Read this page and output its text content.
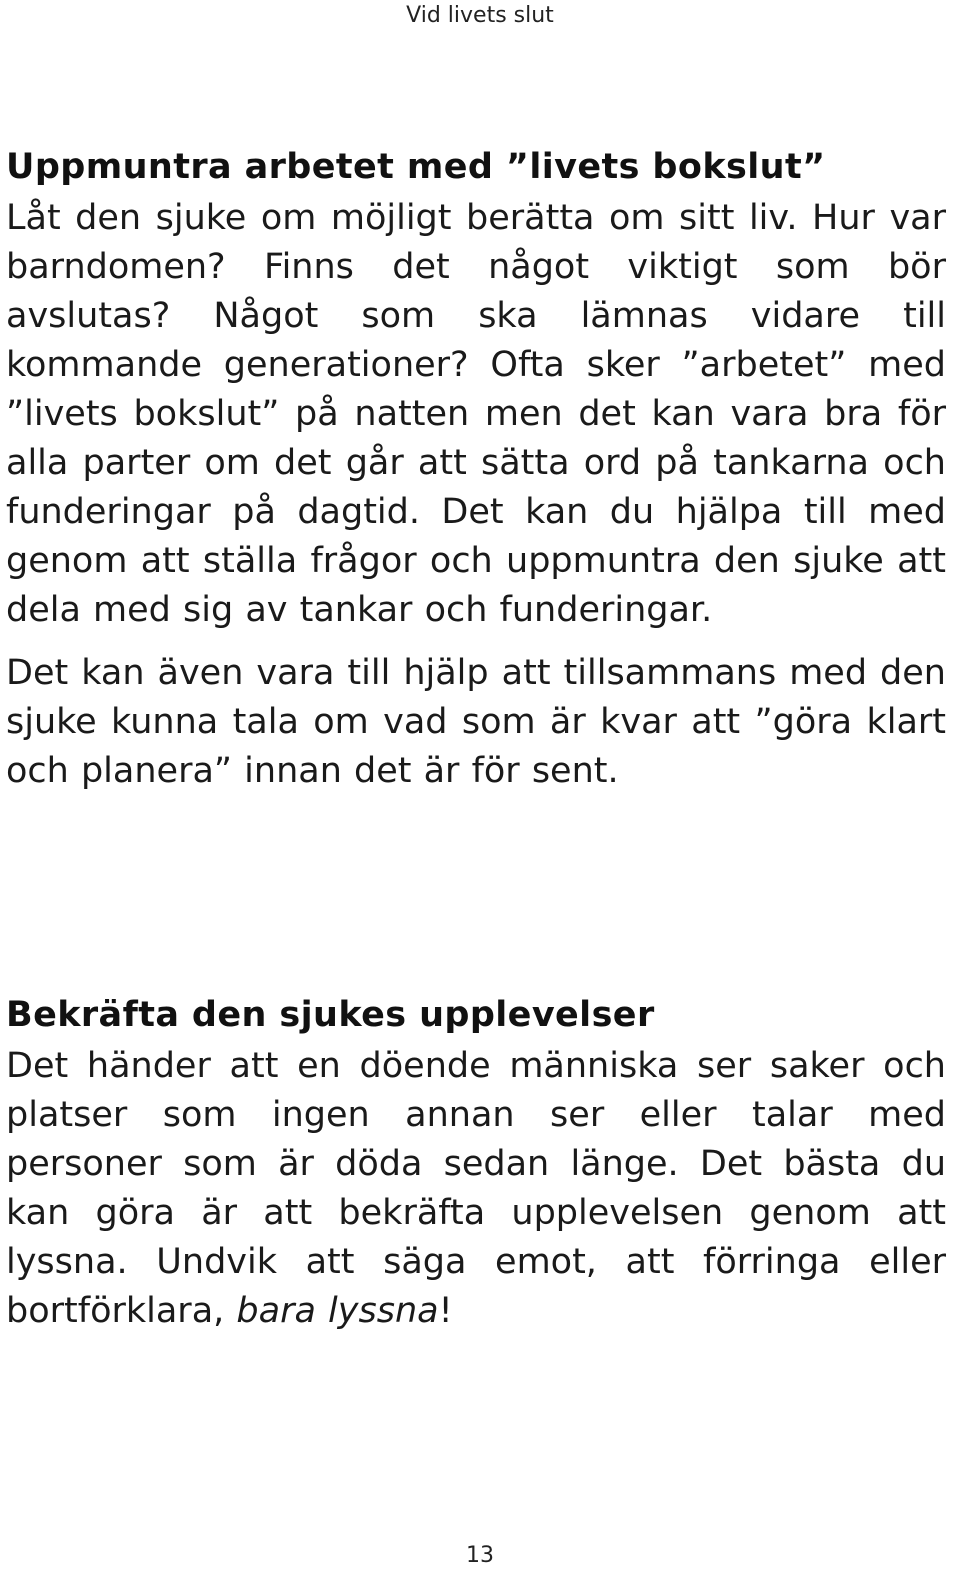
Vid livets slut
Uppmuntra arbetet med ”livets bokslut”

Låt den sjuke om möjligt berätta om sitt liv. Hur var barndomen? Finns det något viktigt som bör avslutas? Något som ska lämnas vidare till kommande generationer? Ofta sker ”arbetet” med ”livets bokslut” på natten men det kan vara bra för alla parter om det går att sätta ord på tankarna och funderingar på dagtid. Det kan du hjälpa till med genom att ställa frågor och uppmuntra den sjuke att dela med sig av tankar och funderingar.

Det kan även vara till hjälp att tillsammans med den sjuke kunna tala om vad som är kvar att ”göra klart och planera” innan det är för sent.

Bekräfta den sjukes upplevelser

Det händer att en döende människa ser saker och platser som ingen annan ser eller talar med personer som är döda sedan länge. Det bästa du kan göra är att bekräfta upplevelsen genom att lyssna. Undvik att säga emot, att förringa eller bortförklara, bara lyssna!

13
